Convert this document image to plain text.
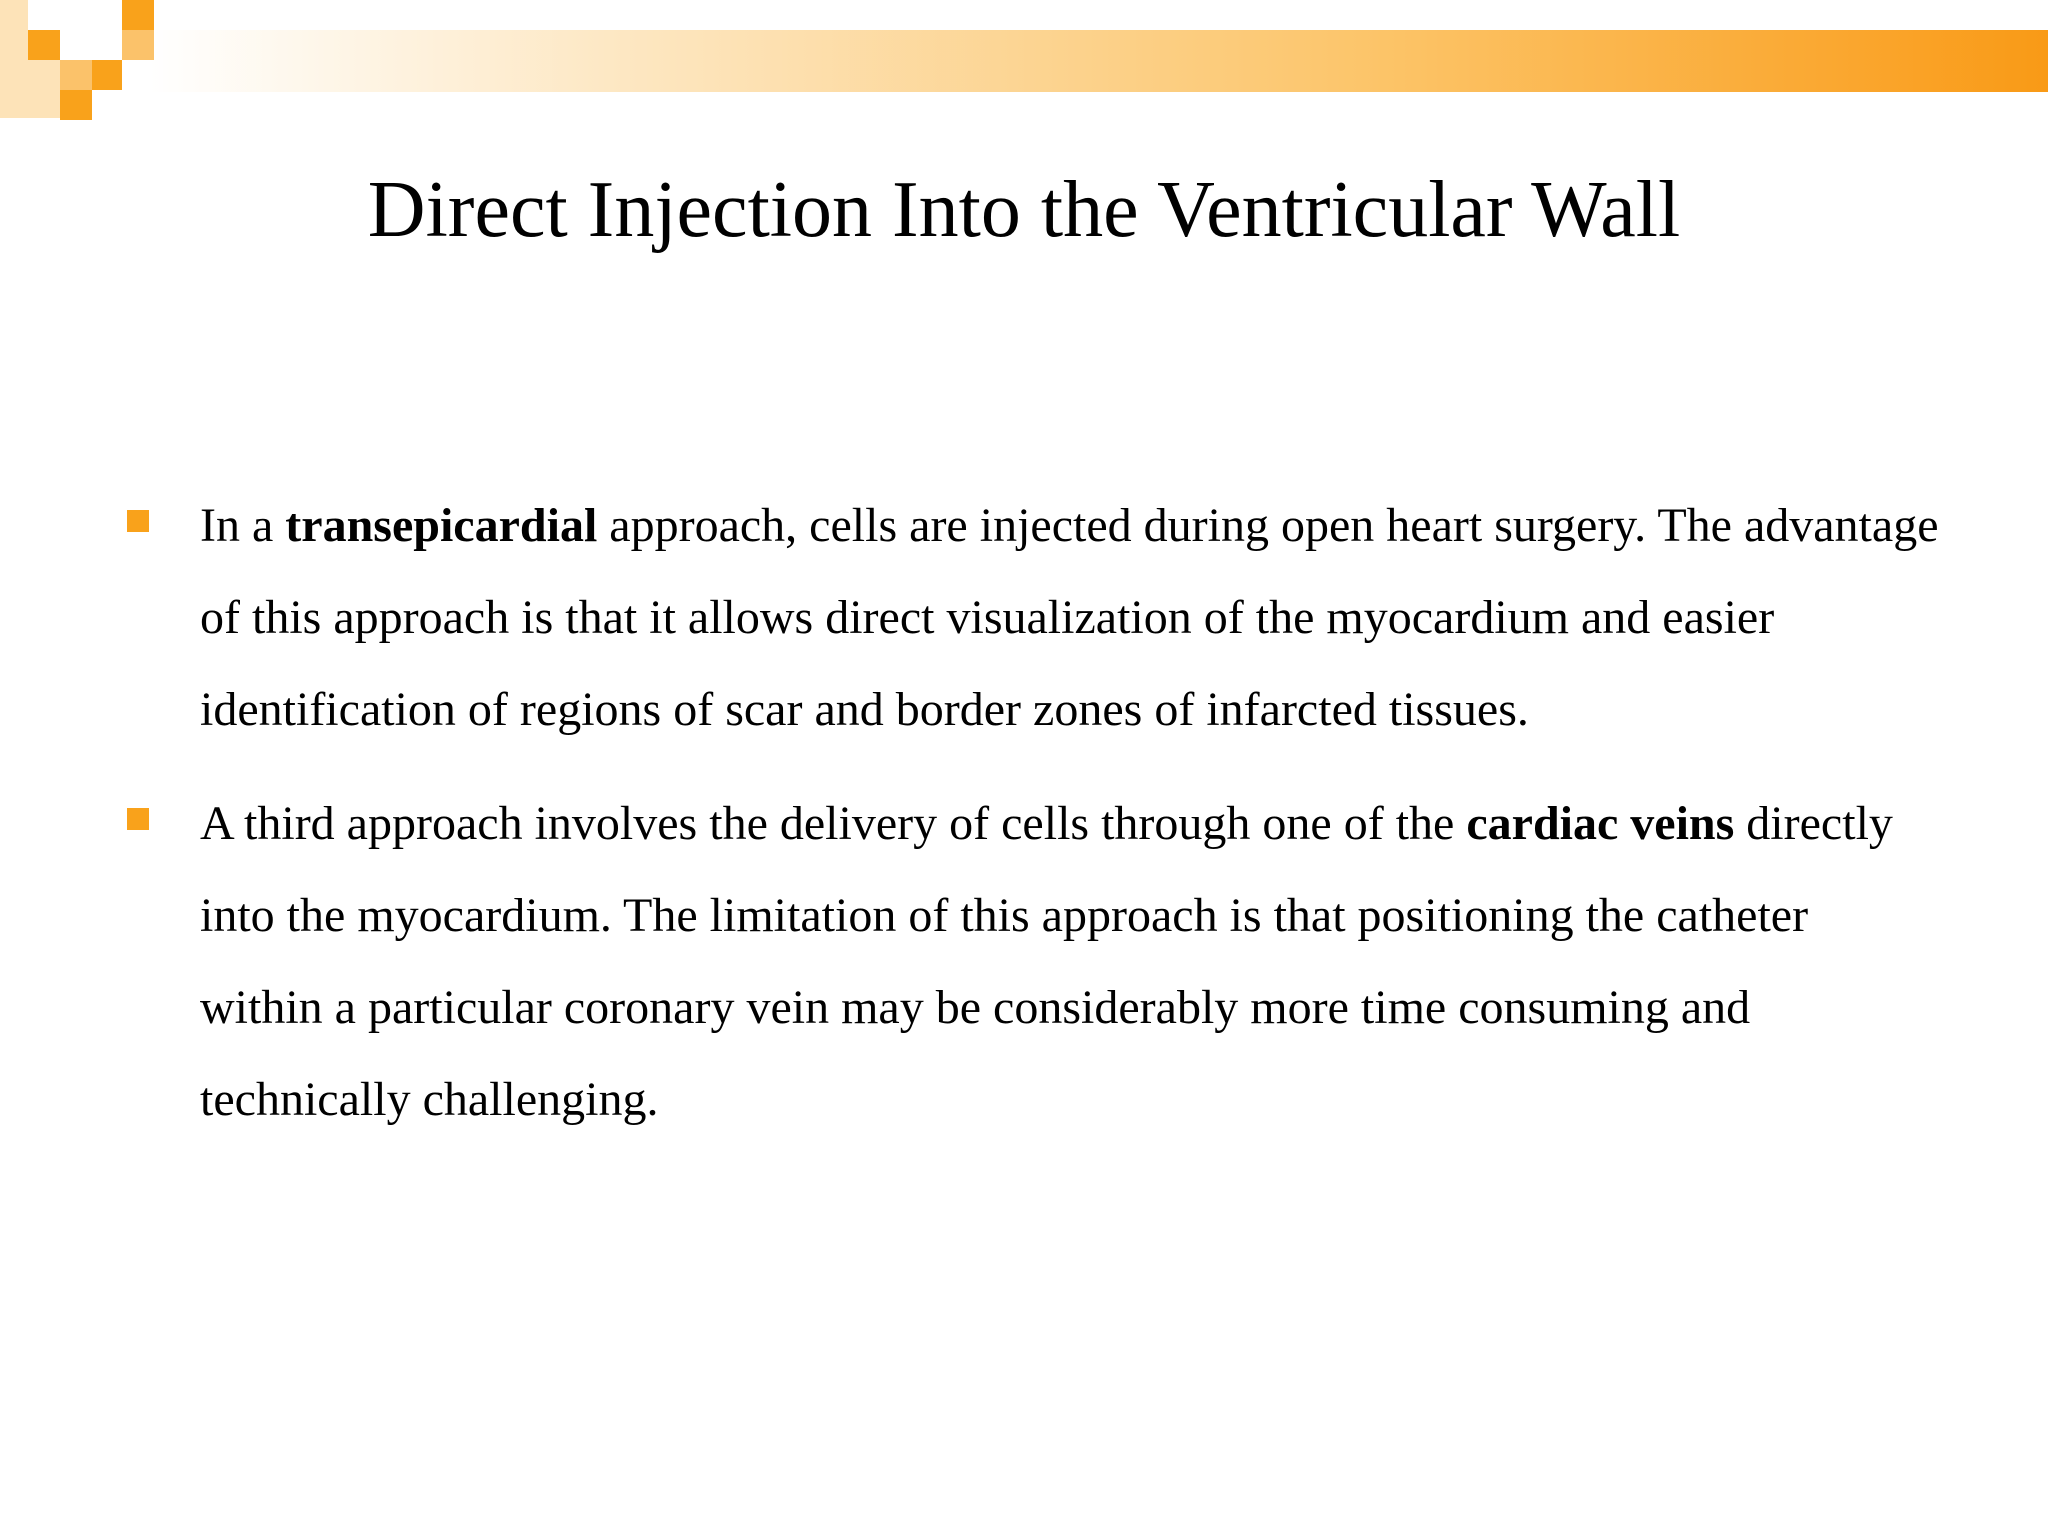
Direct Injection Into the Ventricular Wall
In a transepicardial approach, cells are injected during open heart surgery. The advantage of this approach is that it allows direct visualization of the myocardium and easier identification of regions of scar and border zones of infarcted tissues.
A third approach involves the delivery of cells through one of the cardiac veins directly into the myocardium. The limitation of this approach is that positioning the catheter within a particular coronary vein may be considerably more time consuming and technically challenging.
